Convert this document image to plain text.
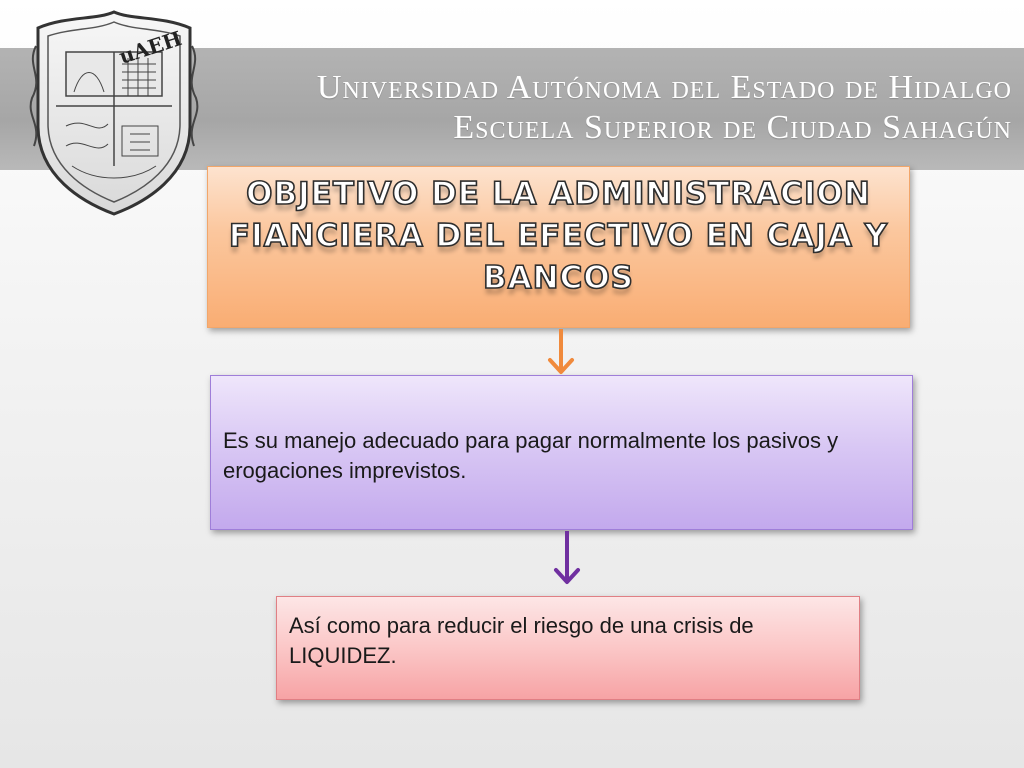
Universidad Autónoma del Estado de Hidalgo
Escuela Superior de Ciudad Sahagún
uAEH
OBJETIVO DE LA ADMINISTRACION FIANCIERA DEL EFECTIVO EN CAJA Y BANCOS
Es su manejo adecuado para pagar normalmente los pasivos y erogaciones imprevistos.
Así como para reducir el riesgo de una crisis de LIQUIDEZ.
